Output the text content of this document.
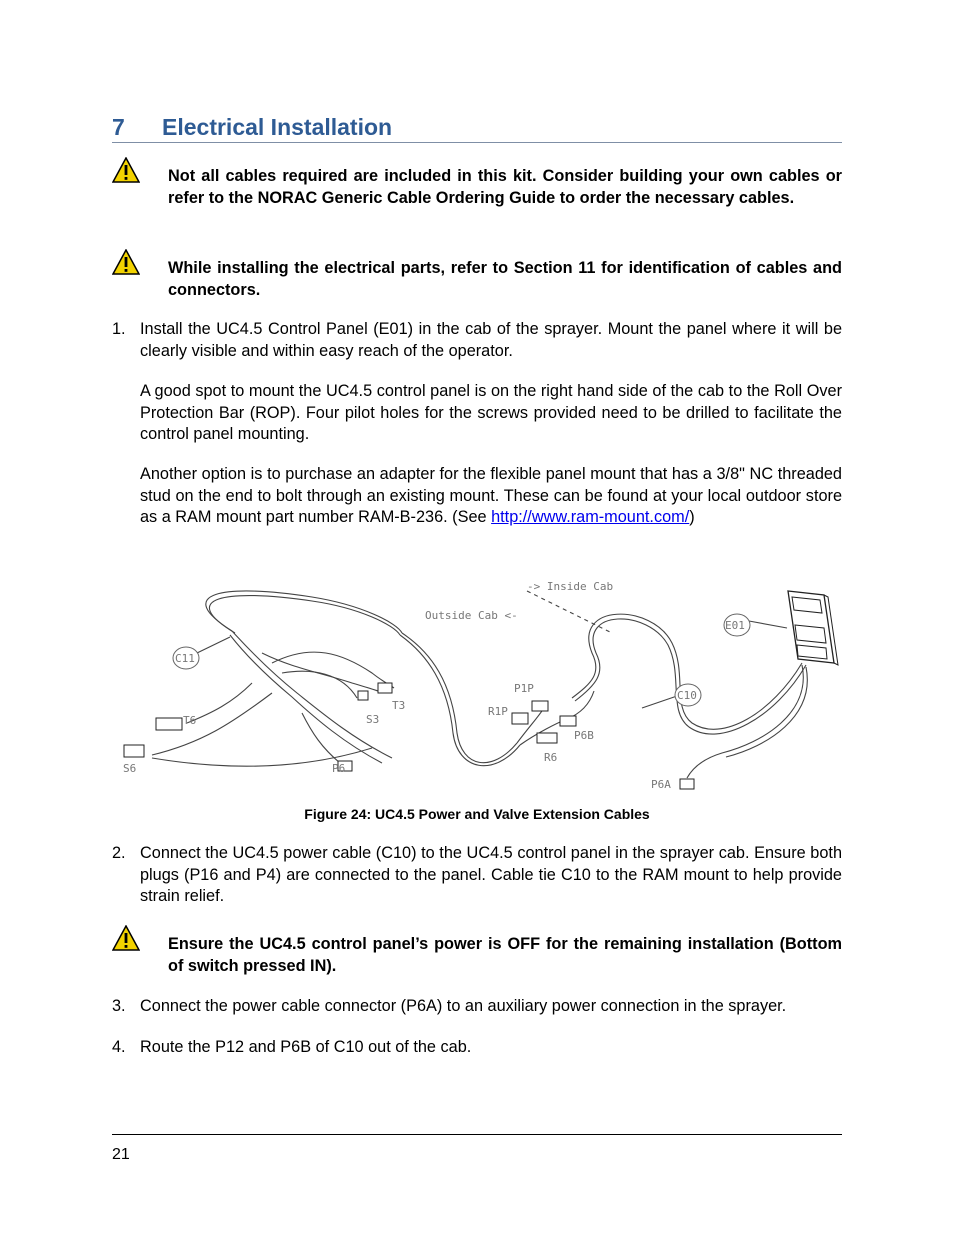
7 Electrical Installation
Not all cables required are included in this kit. Consider building your own cables or refer to the NORAC Generic Cable Ordering Guide to order the necessary cables.
While installing the electrical parts, refer to Section 11 for identification of cables and connectors.
1. Install the UC4.5 Control Panel (E01) in the cab of the sprayer. Mount the panel where it will be clearly visible and within easy reach of the operator.
A good spot to mount the UC4.5 control panel is on the right hand side of the cab to the Roll Over Protection Bar (ROP). Four pilot holes for the screws provided need to be drilled to facilitate the control panel mounting.
Another option is to purchase an adapter for the flexible panel mount that has a 3/8" NC threaded stud on the end to bolt through an existing mount. These can be found at your local outdoor store as a RAM mount part number RAM-B-236. (See http://www.ram-mount.com/)
-> Inside Cab
Outside Cab <-
E01
C11
C10
P1P
R1P
P6B
R6
T3
S3
T6
S6	P6
P6A
Figure 24: UC4.5 Power and Valve Extension Cables
2. Connect the UC4.5 power cable (C10) to the UC4.5 control panel in the sprayer cab. Ensure both plugs (P16 and P4) are connected to the panel. Cable tie C10 to the RAM mount to help provide strain relief.
Ensure the UC4.5 control panel’s power is OFF for the remaining installation (Bottom of switch pressed IN).
3. Connect the power cable connector (P6A) to an auxiliary power connection in the sprayer.
4. Route the P12 and P6B of C10 out of the cab.
21
